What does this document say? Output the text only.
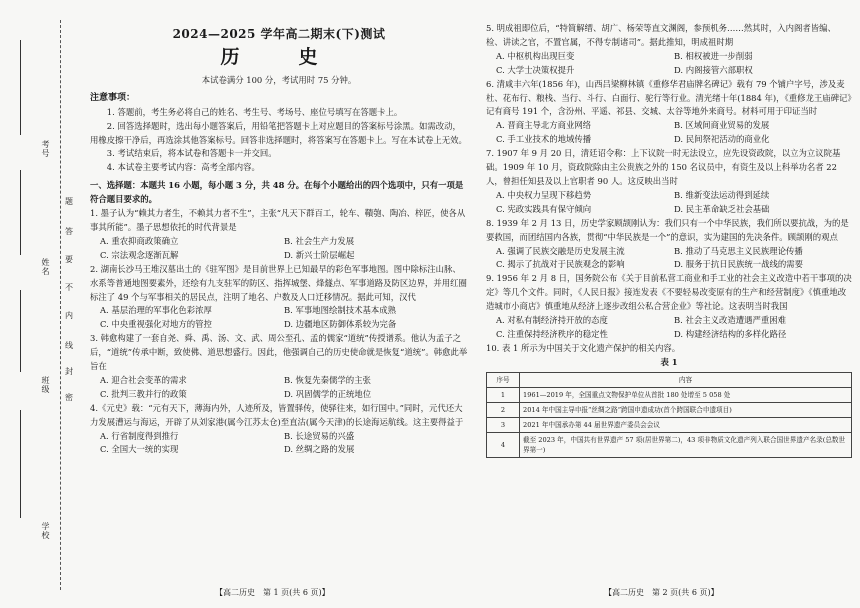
考号
姓名
班级
学校
题
答
要
不
内
线
封
密

2024—2025 学年高二期末(下)测试

历　史

本试卷满分 100 分，考试用时 75 分钟。

注意事项：

1. 答题前，考生务必将自己的姓名、考生号、考场号、座位号填写在答题卡上。

2. 回答选择题时，选出每小题答案后，用铅笔把答题卡上对应题目的答案标号涂黑。如需改动，用橡皮擦干净后，再选涂其他答案标号。回答非选择题时，将答案写在答题卡上。写在本试卷上无效。

3. 考试结束后，将本试卷和答题卡一并交回。

4. 本试卷主要考试内容：高考全部内容。

一、选择题：本题共 16 小题，每小题 3 分，共 48 分。在每个小题给出的四个选项中，只有一项是符合题目要求的。

1. 墨子认为“赖其力者生，不赖其力者不生”，主张“凡天下群百工，轮车、鞼匏、陶冶、梓匠，使各从事其所能”。墨子思想依托的时代背景是

A. 重农抑商政策确立	B. 社会生产力发展
C. 宗法观念逐渐瓦解	D. 新兴士阶层崛起

2. 湖南长沙马王堆汉墓出土的《驻军图》是目前世界上已知最早的彩色军事地图。图中除标注山脉、水系等普通地图要素外，还绘有九支驻军的防区、指挥城堡、烽燧点、军事道路及防区边界，并用红圈标注了 49 个与军事相关的居民点，注明了地名、户数及人口迁移情况。据此可知，汉代

A. 基层治理的军事化色彩浓厚	B. 军事地图绘制技术基本成熟
C. 中央重视强化对地方的管控	D. 边疆地区防御体系较为完备

3. 韩愈构建了一套自尧、舜、禹、汤、文、武、周公至孔、孟的儒家“道统”传授谱系。他认为孟子之后，“道统”传承中断，致使佛、道思想盛行。因此，他强调自己的历史使命就是恢复“道统”。韩愈此举旨在

A. 迎合社会变革的需求	B. 恢复先秦儒学的主张
C. 批判三教并行的政策	D. 巩固儒学的正统地位

4.《元史》载：“元有天下，薄海内外，人迹所及，皆置驿传，使驿往来，如行国中。”同时，元代还大力发展漕运与海运，开辟了从刘家港(属今江苏太仓)至直沽(属今天津)的长途海运航线。这主要得益于

A. 行省制度得到推行	B. 长途贸易的兴盛
C. 全国大一统的实现	D. 丝绸之路的发展

5. 明成祖即位后，“特简解缙、胡广、杨荣等直文渊阁，参预机务……然其时，入内阁者皆编、检、讲读之官，不置官属，不得专制诸司”。据此推知，明成祖时期

A. 中枢机构出现巨变	B. 相权被进一步削弱
C. 大学士决策权提升	D. 内阁接管六部职权

6. 清咸丰六年(1856 年)，山西吕梁柳林镇《重修华君庙牌名碑记》载有 79 个铺户字号，涉及麦杜、花布行、粮栈、当行、斗行、白面行、驼行等行业。清光绪十年(1884 年)，《重修龙王庙碑记》记有商号 191 个，含汾州、平遥、祁县、交城、太谷等地外来商号。材料可用于印证当时

A. 晋商主导北方商业网络	B. 区域间商业贸易的发展
C. 手工业技术的地域传播	D. 民间祭祀活动的商业化

7. 1907 年 9 月 20 日，清廷诏令称：上下议院一时无法设立，应先设资政院，以立为立议院基础。1909 年 10 月，资政院除由主公贵族之外的 150 名议员中，有资生及以上科举功名者 22 人，曾担任知县及以上官职者 90 人。这反映出当时

A. 中央权力呈现下移趋势	B. 维新变法运动得到延续
C. 宪政实践具有保守倾向	D. 民主革命缺乏社会基础

8. 1939 年 2 月 13 日，历史学家顾颉刚认为：我们只有一个中华民族，我们所以要抗战，为的是要救国，而团结国内各族，贯彻“中华民族是一个”的意识，实为建国的先决条件。顾颉刚的观点

A. 强调了民族交融是历史发展主流	B. 推动了马克思主义民族理论传播
C. 揭示了抗战对于民族观念的影响	D. 服务于抗日民族统一战线的需要

9. 1956 年 2 月 8 日，国务院公布《关于目前私营工商业和手工业的社会主义改造中若干事项的决定》等几个文件。同时，《人民日报》接连发表《不要轻易改变原有的生产和经营制度》《慎重地改造城市小商店》慎重地从经济上逐步改组公私合营企业》等社论。这表明当时我国

A. 对私有制经济持开放的态度	B. 社会主义改造遭遇严重困难
C. 注重保持经济秩序的稳定性	D. 构建经济结构的多样化路径

10. 表 1 所示为中国关于文化遗产保护的相关内容。

表 1

序号	内容
1	1961—2019 年，全国重点文物保护单位从首批 180 处增至 5 058 处
2	2014 年中国主导申报“丝绸之路”跨国申遗成功(首个跨国联合申遗项目)
3	2021 年中国承办第 44 届世界遗产委员会会议
4	截至 2023 年，中国共有世界遗产 57 项(居世界第二)，43 项非物质文化遗产列入联合国世界遗产名录(总数世界第一)
【高二历史　第 1 页(共 6 页)】	【高二历史　第 2 页(共 6 页)】
